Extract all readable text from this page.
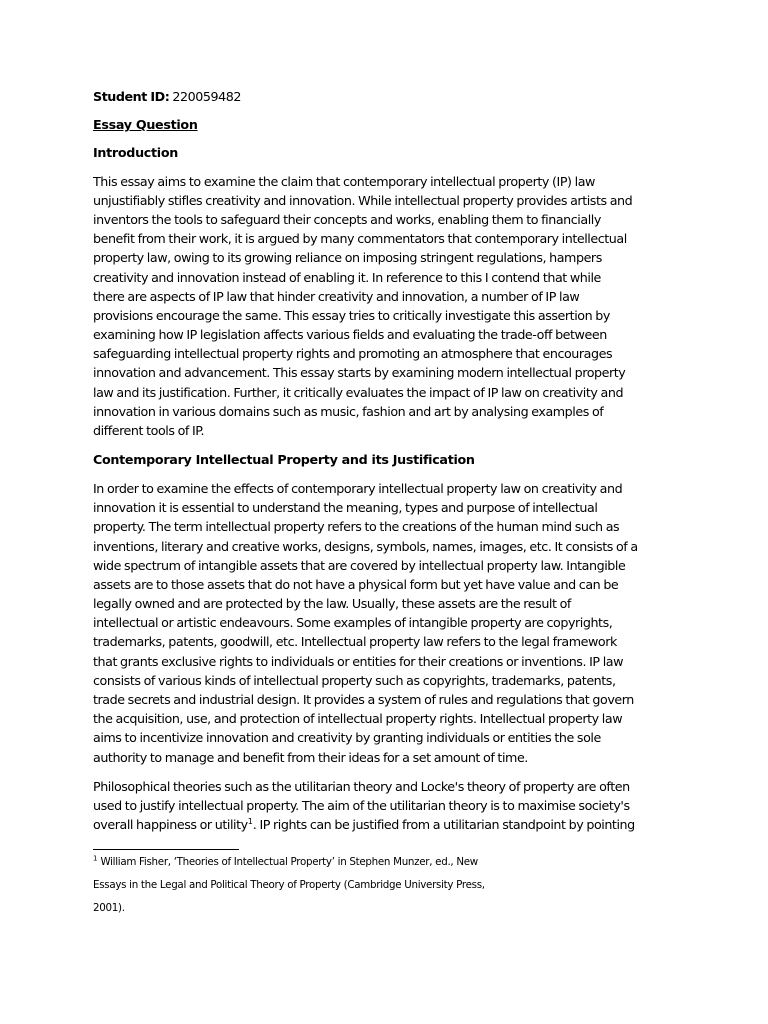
Student ID: 220059482
Essay Question
Introduction
This essay aims to examine the claim that contemporary intellectual property (IP) law
unjustifiably stifles creativity and innovation. While intellectual property provides artists and
inventors the tools to safeguard their concepts and works, enabling them to financially
benefit from their work, it is argued by many commentators that contemporary intellectual
property law, owing to its growing reliance on imposing stringent regulations, hampers
creativity and innovation instead of enabling it. In reference to this I contend that while
there are aspects of IP law that hinder creativity and innovation, a number of IP law
provisions encourage the same. This essay tries to critically investigate this assertion by
examining how IP legislation affects various fields and evaluating the trade-off between
safeguarding intellectual property rights and promoting an atmosphere that encourages
innovation and advancement. This essay starts by examining modern intellectual property
law and its justification. Further, it critically evaluates the impact of IP law on creativity and
innovation in various domains such as music, fashion and art by analysing examples of
different tools of IP.
Contemporary Intellectual Property and its Justification
In order to examine the effects of contemporary intellectual property law on creativity and
innovation it is essential to understand the meaning, types and purpose of intellectual
property. The term intellectual property refers to the creations of the human mind such as
inventions, literary and creative works, designs, symbols, names, images, etc. It consists of a
wide spectrum of intangible assets that are covered by intellectual property law. Intangible
assets are to those assets that do not have a physical form but yet have value and can be
legally owned and are protected by the law. Usually, these assets are the result of
intellectual or artistic endeavours. Some examples of intangible property are copyrights,
trademarks, patents, goodwill, etc. Intellectual property law refers to the legal framework
that grants exclusive rights to individuals or entities for their creations or inventions. IP law
consists of various kinds of intellectual property such as copyrights, trademarks, patents,
trade secrets and industrial design. It provides a system of rules and regulations that govern
the acquisition, use, and protection of intellectual property rights. Intellectual property law
aims to incentivize innovation and creativity by granting individuals or entities the sole
authority to manage and benefit from their ideas for a set amount of time.
Philosophical theories such as the utilitarian theory and Locke's theory of property are often
used to justify intellectual property. The aim of the utilitarian theory is to maximise society's
overall happiness or utility$^1$. IP rights can be justified from a utilitarian standpoint by pointing
$^1$ William Fisher, ‘Theories of Intellectual Property’ in Stephen Munzer, ed., New
Essays in the Legal and Political Theory of Property (Cambridge University Press,
2001).
